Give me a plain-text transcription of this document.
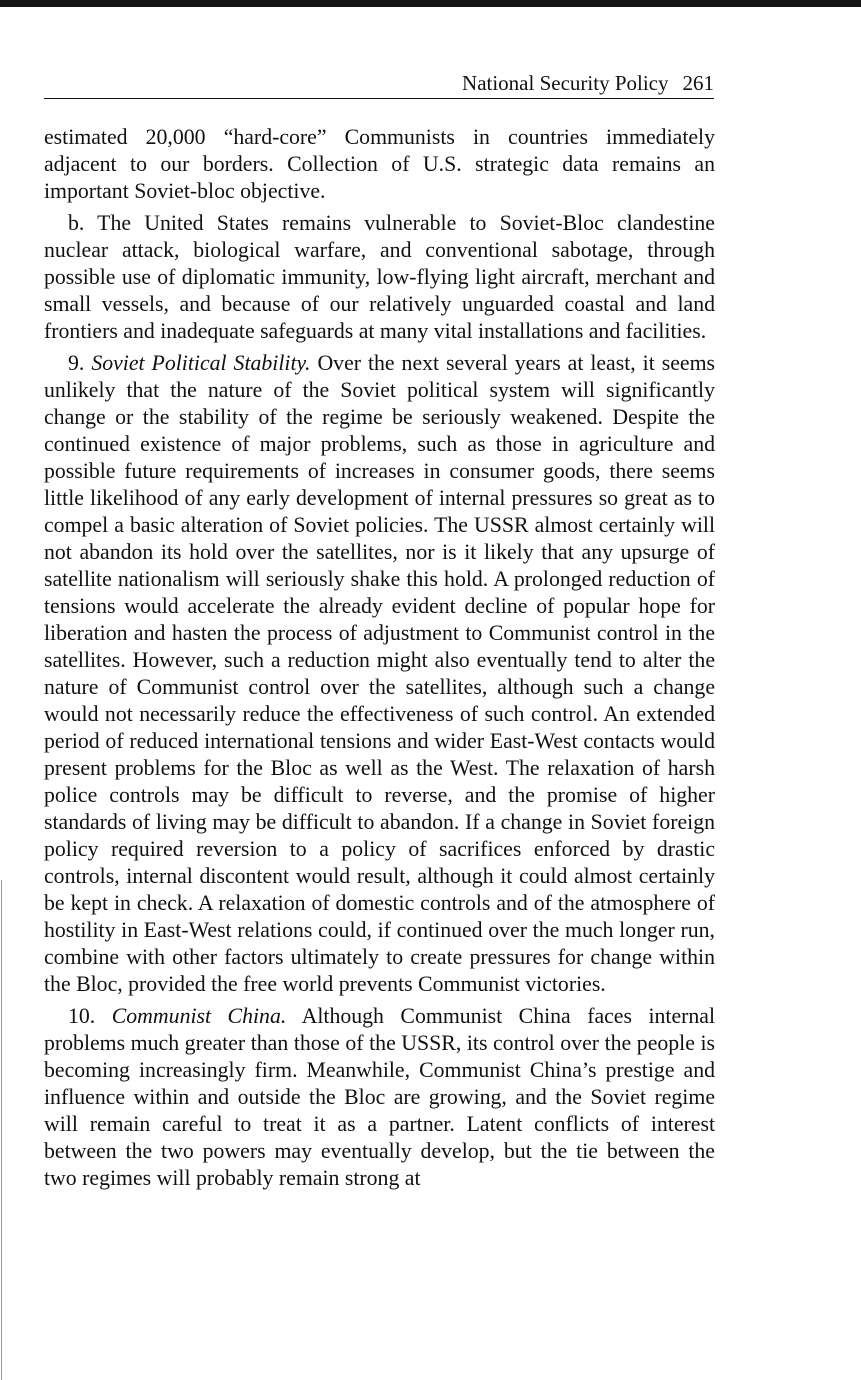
National Security Policy 261

estimated 20,000 “hard-core” Communists in countries immediately adjacent to our borders. Collection of U.S. strategic data remains an important Soviet-bloc objective.

b. The United States remains vulnerable to Soviet-Bloc clandestine nuclear attack, biological warfare, and conventional sabotage, through possible use of diplomatic immunity, low-flying light aircraft, merchant and small vessels, and because of our relatively unguarded coastal and land frontiers and inadequate safeguards at many vital installations and facilities.

9. Soviet Political Stability. Over the next several years at least, it seems unlikely that the nature of the Soviet political system will significantly change or the stability of the regime be seriously weakened. Despite the continued existence of major problems, such as those in agriculture and possible future requirements of increases in consumer goods, there seems little likelihood of any early development of internal pressures so great as to compel a basic alteration of Soviet policies. The USSR almost certainly will not abandon its hold over the satellites, nor is it likely that any upsurge of satellite nationalism will seriously shake this hold. A prolonged reduction of tensions would accelerate the already evident decline of popular hope for liberation and hasten the process of adjustment to Communist control in the satellites. However, such a reduction might also eventually tend to alter the nature of Communist control over the satellites, although such a change would not necessarily reduce the effectiveness of such control. An extended period of reduced international tensions and wider East-West contacts would present problems for the Bloc as well as the West. The relaxation of harsh police controls may be difficult to reverse, and the promise of higher standards of living may be difficult to abandon. If a change in Soviet foreign policy required reversion to a policy of sacrifices enforced by drastic controls, internal discontent would result, although it could almost certainly be kept in check. A relaxation of domestic controls and of the atmosphere of hostility in East-West relations could, if continued over the much longer run, combine with other factors ultimately to create pressures for change within the Bloc, provided the free world prevents Communist victories.

10. Communist China. Although Communist China faces internal problems much greater than those of the USSR, its control over the people is becoming increasingly firm. Meanwhile, Communist China’s prestige and influence within and outside the Bloc are growing, and the Soviet regime will remain careful to treat it as a partner. Latent conflicts of interest between the two powers may eventually develop, but the tie between the two regimes will probably remain strong at
